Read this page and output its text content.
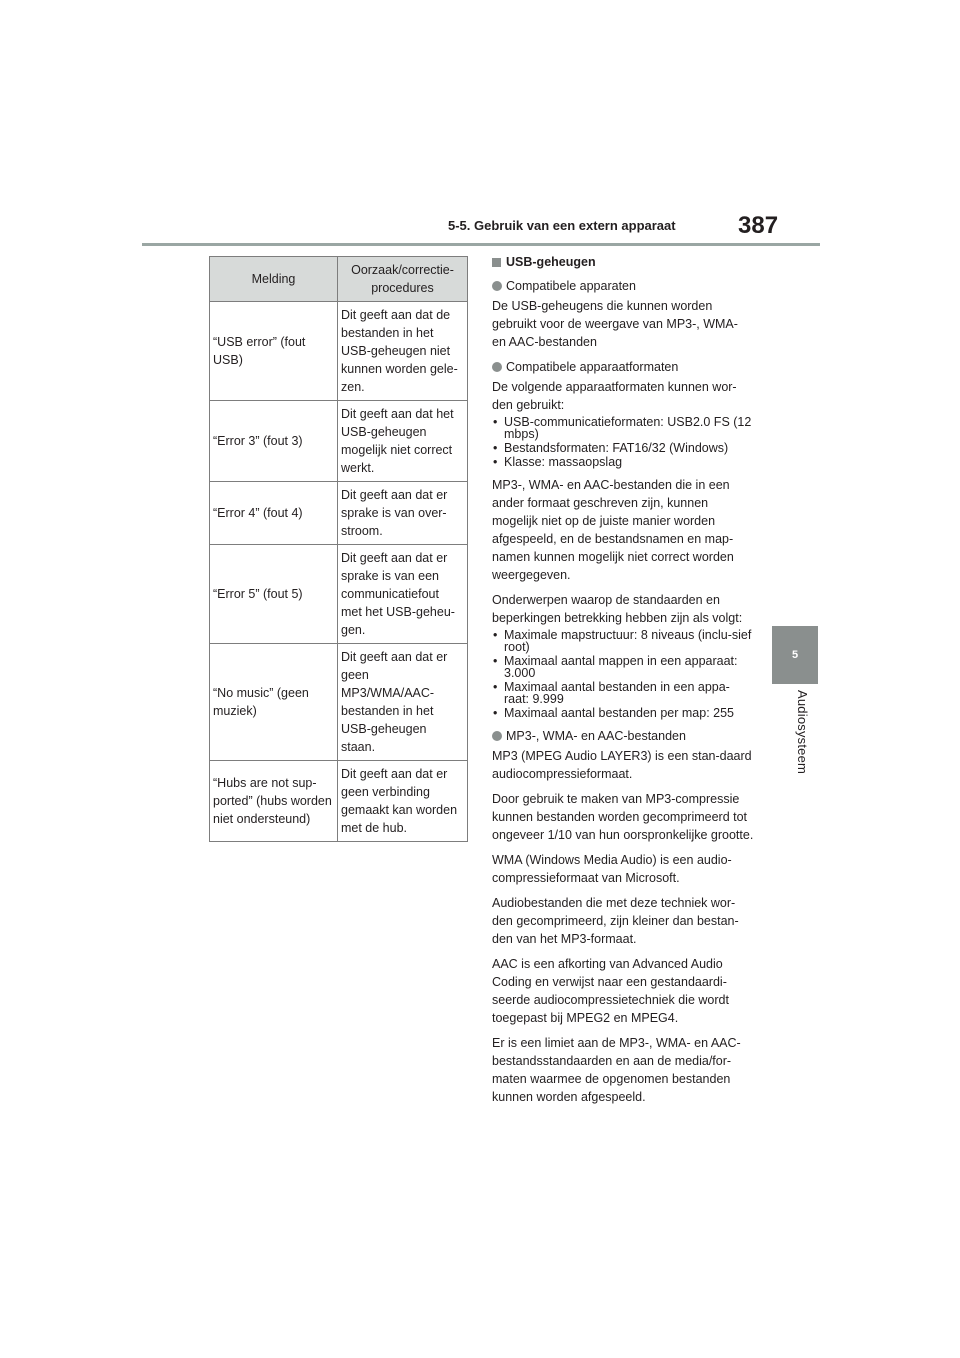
5-5. Gebruik van een extern apparaat	387
5
Audiosysteem
Melding	Oorzaak/correctie-procedures
“USB error” (fout USB)	Dit geeft aan dat de bestanden in het USB-geheugen niet kunnen worden gele-zen.
“Error 3” (fout 3)	Dit geeft aan dat het USB-geheugen mogelijk niet correct werkt.
“Error 4” (fout 4)	Dit geeft aan dat er sprake is van over-stroom.
“Error 5” (fout 5)	Dit geeft aan dat er sprake is van een communicatiefout met het USB-geheu-gen.
“No music” (geen muziek)	Dit geeft aan dat er geen MP3/WMA/AAC-bestanden in het USB-geheugen staan.
“Hubs are not sup-ported” (hubs worden niet ondersteund)	Dit geeft aan dat er geen verbinding gemaakt kan worden met de hub.
USB-geheugen
Compatibele apparaten

De USB-geheugens die kunnen worden gebruikt voor de weergave van MP3-, WMA- en AAC-bestanden

Compatibele apparaatformaten

De volgende apparaatformaten kunnen wor-den gebruikt:

• USB-communicatieformaten: USB2.0 FS (12 mbps)
• Bestandsformaten: FAT16/32 (Windows)
• Klasse: massaopslag

MP3-, WMA- en AAC-bestanden die in een ander formaat geschreven zijn, kunnen mogelijk niet op de juiste manier worden afgespeeld, en de bestandsnamen en map-namen kunnen mogelijk niet correct worden weergegeven.

Onderwerpen waarop de standaarden en beperkingen betrekking hebben zijn als volgt:

• Maximale mapstructuur: 8 niveaus (inclu-sief root)
• Maximaal aantal mappen in een apparaat: 3.000
• Maximaal aantal bestanden in een appa-raat: 9.999
• Maximaal aantal bestanden per map: 255
MP3-, WMA- en AAC-bestanden

MP3 (MPEG Audio LAYER3) is een stan-daard audiocompressieformaat.

Door gebruik te maken van MP3-compressie kunnen bestanden worden gecomprimeerd tot ongeveer 1/10 van hun oorspronkelijke grootte.

WMA (Windows Media Audio) is een audio-compressieformaat van Microsoft.

Audiobestanden die met deze techniek wor-den gecomprimeerd, zijn kleiner dan bestan-den van het MP3-formaat.

AAC is een afkorting van Advanced Audio Coding en verwijst naar een gestandaardi-seerde audiocompressietechniek die wordt toegepast bij MPEG2 en MPEG4.

Er is een limiet aan de MP3-, WMA- en AAC-bestandsstandaarden en aan de media/for-maten waarmee de opgenomen bestanden kunnen worden afgespeeld.
